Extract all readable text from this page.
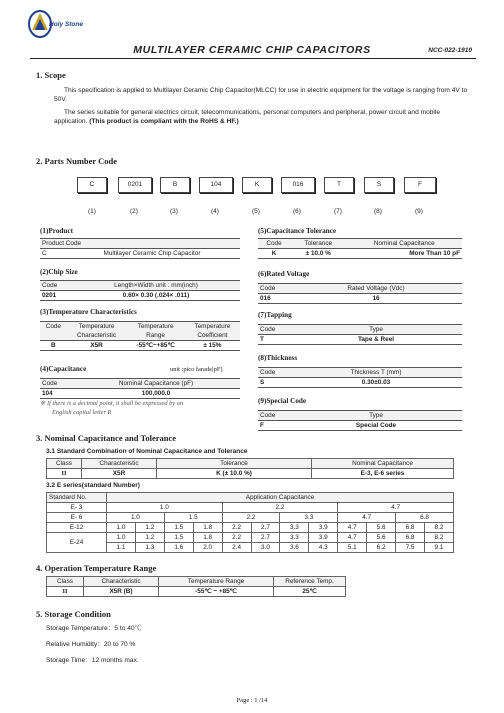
Holy Stone
MULTILAYER CERAMIC CHIP CAPACITORS	NCC-022-1910
1. Scope
This specification is applied to Multilayer Ceramic Chip Capacitor(MLCC) for use in electric equipment for the voltage is ranging from 4V to 50V.
The series suitable for general electrics circuit, telecommunications, personal computers and peripheral, power circuit and mobile application. (This product is compliant with the RoHS & HF.)
2. Parts Number Code
C	0201	B	104	K	016	T	S	F
(1)	(2)	(3)	(4)	(5)	(6)	(7)	(8)	(9)
(1)Product
Product Code
C	Multilayer Ceramic Chip Capacitor
(2)Chip Size
Code	Length×Width unit : mm(inch)
0201	0.60× 0.30 (.024× .011)
(3)Temperature Characteristics
Code	Temperature	Temperature	Temperature
	Characteristic	Range	Coefficient
B	X5R	-55℃~+85℃	± 15%
(4)Capacitance	unit :pico farads(pF)
Code	Nominal Capacitance (pF)
104	100,000.0
※ If there is a decimal point, it shall be expressed by an
English capital letter R
(5)Capacitance Tolerance
Code	Tolerance	Nominal Capacitance
K	± 10.0 %	More Than 10 pF
(6)Rated Voltage
Code	Rated Voltage (Vdc)
016	16
(7)Tapping
Code	Type
T	Tape & Reel
(8)Thickness
Code	Thickness T (mm)
S	0.30±0.03
(9)Special Code
Code	Type
F	Special Code
3. Nominal Capacitance and Tolerance
3.1 Standard Combination of Nominal Capacitance and Tolerance
Class	Characteristic	Tolerance	Nominal Capacitance
II	X5R	K (± 10.0 %)	E-3, E-6 series
3.2 E series(standard Number)
Standard No.	Application Capacitance											
E- 3	1.0				2.2				4.7			
E- 6	1.0		1.5		2.2		3.3		4.7		6.8	
E-12	1.0	1.2	1.5	1.8	2.2	2.7	3.3	3.9	4.7	5.6	6.8	8.2
E-24	1.0	1.2	1.5	1.8	2.2	2.7	3.3	3.9	4.7	5.6	6.8	8.2
	1.1	1.3	1.6	2.0	2.4	3.0	3.6	4.3	5.1	6.2	7.5	9.1
4. Operation Temperature Range
Class	Characteristic	Temperature Range	Reference Temp.
II	X5R (B)	-55℃ ~ +85℃	25℃
5. Storage Condition
Storage Temperature：5 to 40℃
Relative Humidity：20 to 70 %
Storage Time：12 months max.
Page : 1 /14
